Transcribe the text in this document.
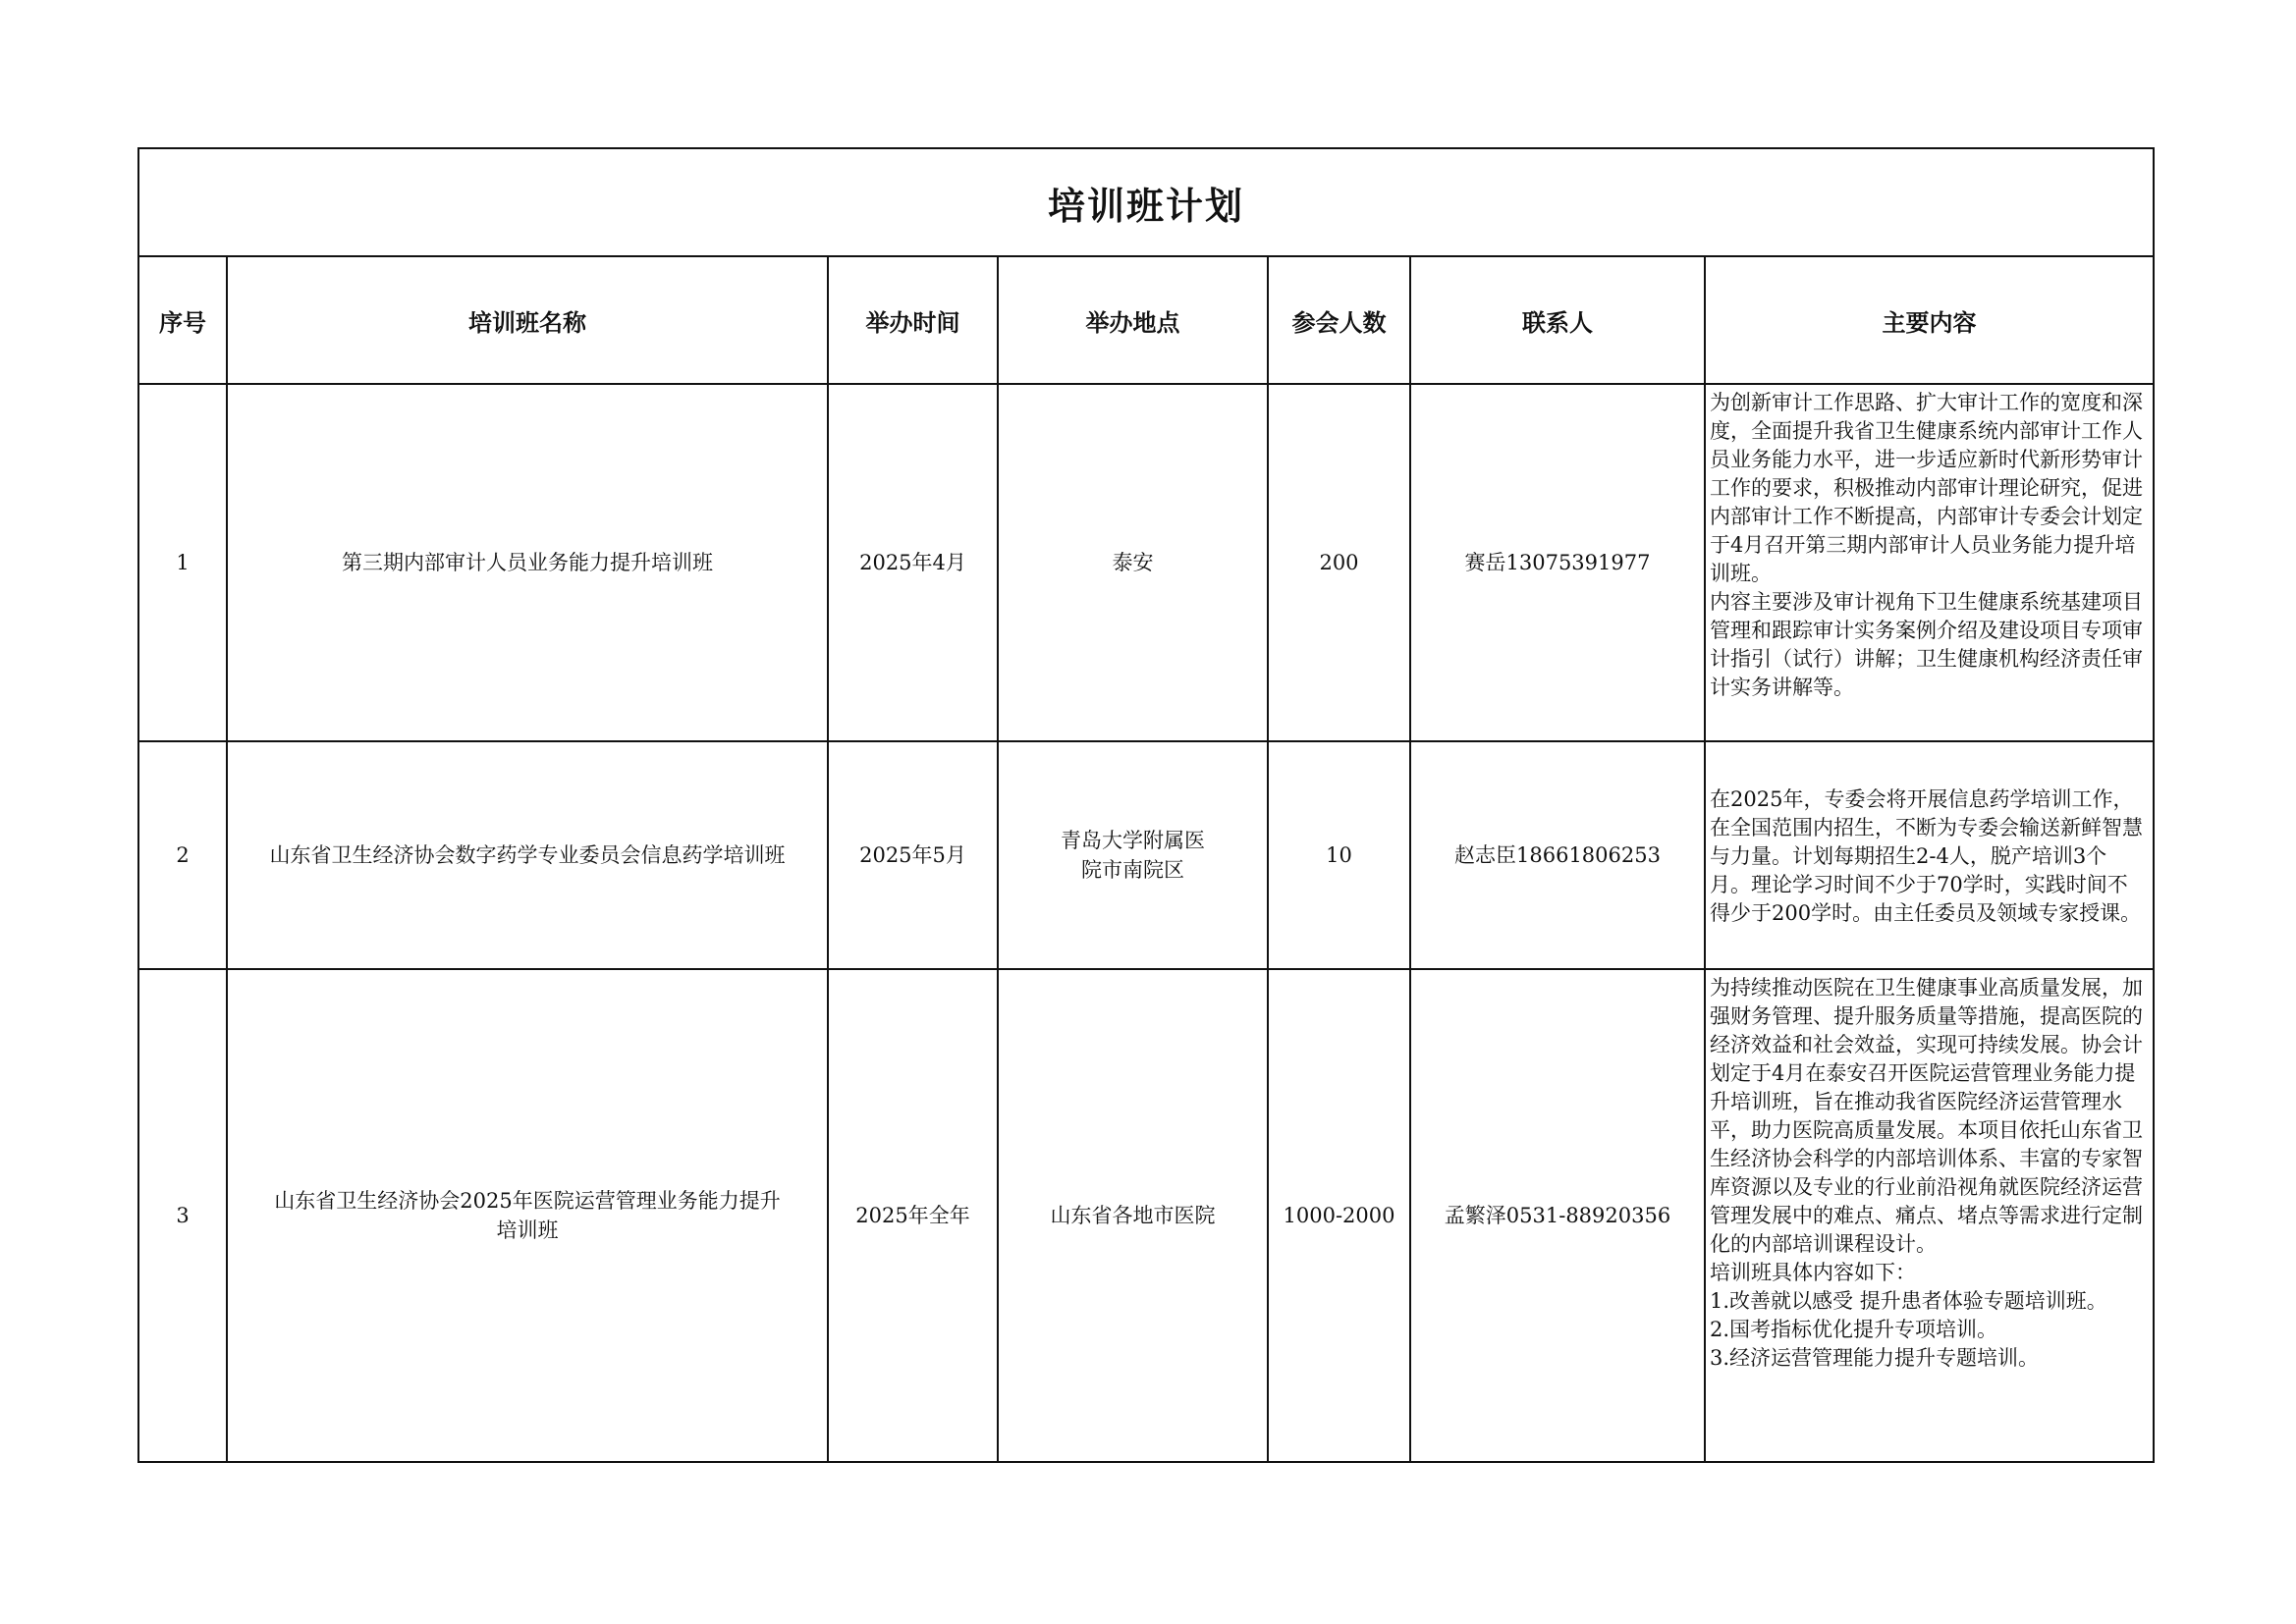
培训班计划						
序号	培训班名称	举办时间	举办地点	参会人数	联系人	主要内容
1	第三期内部审计人员业务能力提升培训班	2025年4月	泰安	200	赛岳13075391977	为创新审计工作思路、扩大审计工作的宽度和深度，全面提升我省卫生健康系统内部审计工作人员业务能力水平，进一步适应新时代新形势审计工作的要求，积极推动内部审计理论研究，促进内部审计工作不断提高，内部审计专委会计划定于4月召开第三期内部审计人员业务能力提升培训班。
内容主要涉及审计视角下卫生健康系统基建项目管理和跟踪审计实务案例介绍及建设项目专项审计指引（试行）讲解；卫生健康机构经济责任审计实务讲解等。

2	山东省卫生经济协会数字药学专业委员会信息药学培训班	2025年5月	青岛大学附属医院市南院区	10	赵志臣18661806253	在2025年，专委会将开展信息药学培训工作，在全国范围内招生，不断为专委会输送新鲜智慧与力量。计划每期招生2-4人，脱产培训3个月。理论学习时间不少于70学时，实践时间不得少于200学时。由主任委员及领域专家授课。

3	山东省卫生经济协会2025年医院运营管理业务能力提升培训班	2025年全年	山东省各地市医院	1000-2000	孟繁泽0531-88920356	为持续推动医院在卫生健康事业高质量发展，加强财务管理、提升服务质量等措施，提高医院的经济效益和社会效益，实现可持续发展。协会计划定于4月在泰安召开医院运营管理业务能力提升培训班，旨在推动我省医院经济运营管理水平，助力医院高质量发展。本项目依托山东省卫生经济协会科学的内部培训体系、丰富的专家智库资源以及专业的行业前沿视角就医院经济运营管理发展中的难点、痛点、堵点等需求进行定制化的内部培训课程设计。
培训班具体内容如下：
1.改善就以感受 提升患者体验专题培训班。
2.国考指标优化提升专项培训。
3.经济运营管理能力提升专题培训。
